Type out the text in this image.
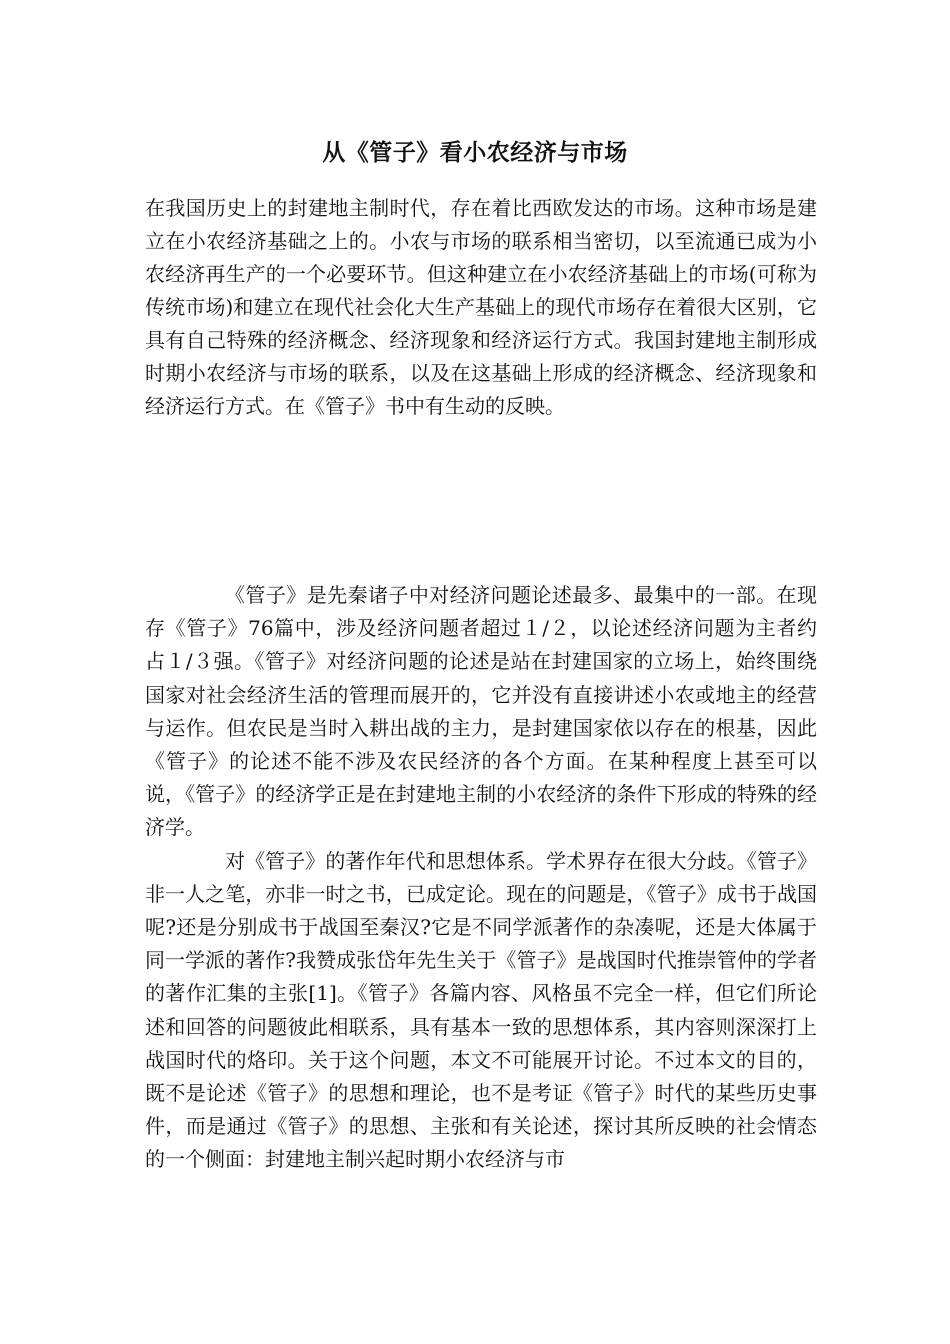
从《管子》看小农经济与市场

在我国历史上的封建地主制时代，存在着比西欧发达的市场。这种市场是建立在小农经济基础之上的。小农与市场的联系相当密切，以至流通已成为小农经济再生产的一个必要环节。但这种建立在小农经济基础上的市场(可称为传统市场)和建立在现代社会化大生产基础上的现代市场存在着很大区别，它具有自己特殊的经济概念、经济现象和经济运行方式。我国封建地主制形成时期小农经济与市场的联系，以及在这基础上形成的经济概念、经济现象和经济运行方式。在《管子》书中有生动的反映。

《管子》是先秦诸子中对经济问题论述最多、最集中的一部。在现存《管子》76篇中，涉及经济问题者超过１/２，以论述经济问题为主者约占１/３强。《管子》对经济问题的论述是站在封建国家的立场上，始终围绕国家对社会经济生活的管理而展开的，它并没有直接讲述小农或地主的经营与运作。但农民是当时入耕出战的主力，是封建国家依以存在的根基，因此《管子》的论述不能不涉及农民经济的各个方面。在某种程度上甚至可以说，《管子》的经济学正是在封建地主制的小农经济的条件下形成的特殊的经济学。

对《管子》的著作年代和思想体系。学术界存在很大分歧。《管子》非一人之笔，亦非一时之书，已成定论。现在的问题是，《管子》成书于战国呢?还是分别成书于战国至秦汉?它是不同学派著作的杂凑呢，还是大体属于同一学派的著作?我赞成张岱年先生关于《管子》是战国时代推崇管仲的学者的著作汇集的主张[1]。《管子》各篇内容、风格虽不完全一样，但它们所论述和回答的问题彼此相联系，具有基本一致的思想体系，其内容则深深打上战国时代的烙印。关于这个问题，本文不可能展开讨论。不过本文的目的，既不是论述《管子》的思想和理论，也不是考证《管子》时代的某些历史事件，而是通过《管子》的思想、主张和有关论述，探讨其所反映的社会情态的一个侧面：封建地主制兴起时期小农经济与市
